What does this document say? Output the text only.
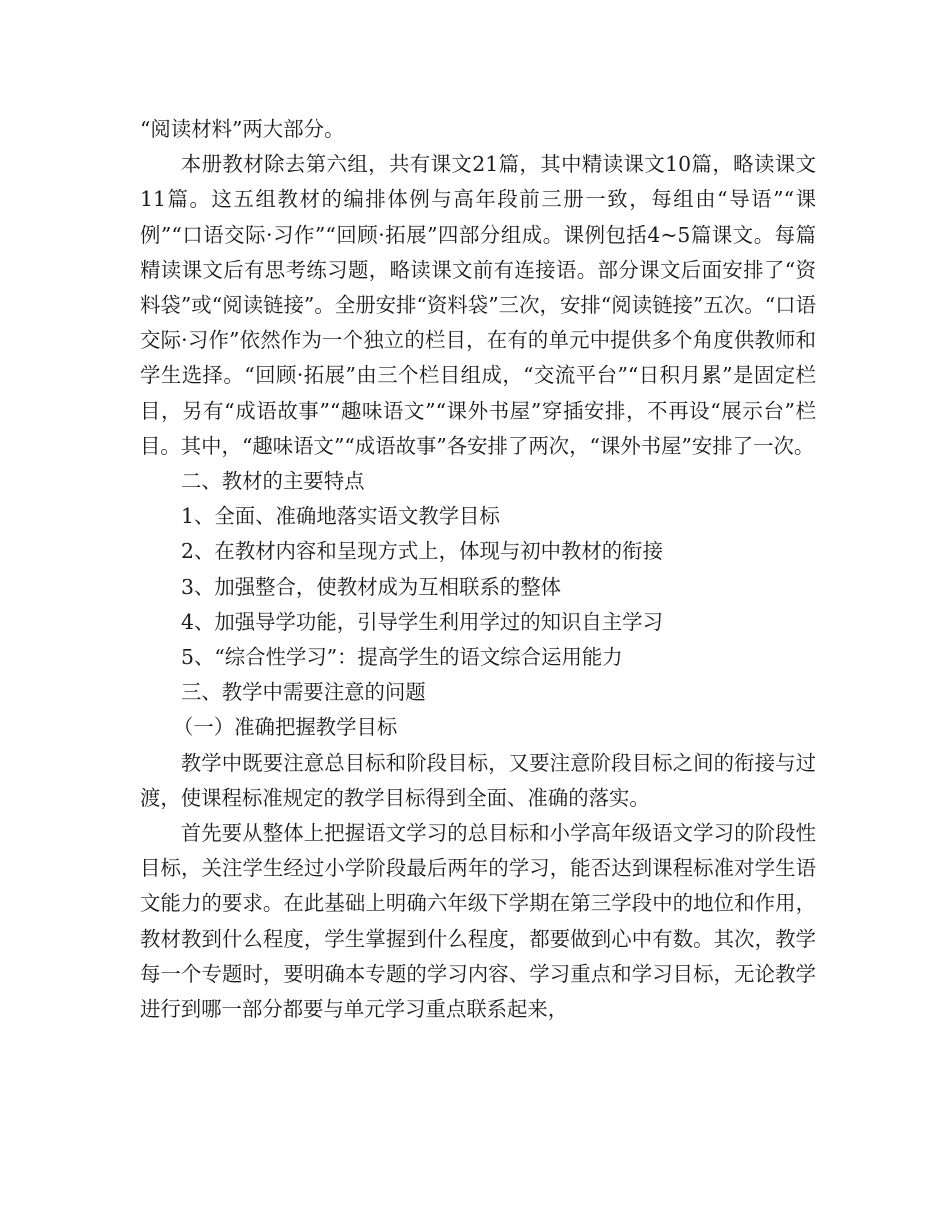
“阅读材料”两大部分。

本册教材除去第六组，共有课文21篇，其中精读课文10篇，略读课文11篇。这五组教材的编排体例与高年段前三册一致，每组由“导语”“课例”“口语交际·习作”“回顾·拓展”四部分组成。课例包括4~5篇课文。每篇精读课文后有思考练习题，略读课文前有连接语。部分课文后面安排了“资料袋”或“阅读链接”。全册安排“资料袋”三次，安排“阅读链接”五次。“口语交际·习作”依然作为一个独立的栏目，在有的单元中提供多个角度供教师和学生选择。“回顾·拓展”由三个栏目组成，“交流平台”“日积月累”是固定栏目，另有“成语故事”“趣味语文”“课外书屋”穿插安排，不再设“展示台”栏目。其中，“趣味语文”“成语故事”各安排了两次，“课外书屋”安排了一次。

二、教材的主要特点

1、全面、准确地落实语文教学目标

2、在教材内容和呈现方式上，体现与初中教材的衔接

3、加强整合，使教材成为互相联系的整体

4、加强导学功能，引导学生利用学过的知识自主学习

5、“综合性学习”：提高学生的语文综合运用能力

三、教学中需要注意的问题

（一）准确把握教学目标

教学中既要注意总目标和阶段目标，又要注意阶段目标之间的衔接与过渡，使课程标准规定的教学目标得到全面、准确的落实。

首先要从整体上把握语文学习的总目标和小学高年级语文学习的阶段性目标，关注学生经过小学阶段最后两年的学习，能否达到课程标准对学生语文能力的要求。在此基础上明确六年级下学期在第三学段中的地位和作用，教材教到什么程度，学生掌握到什么程度，都要做到心中有数。其次，教学每一个专题时，要明确本专题的学习内容、学习重点和学习目标，无论教学进行到哪一部分都要与单元学习重点联系起来，
